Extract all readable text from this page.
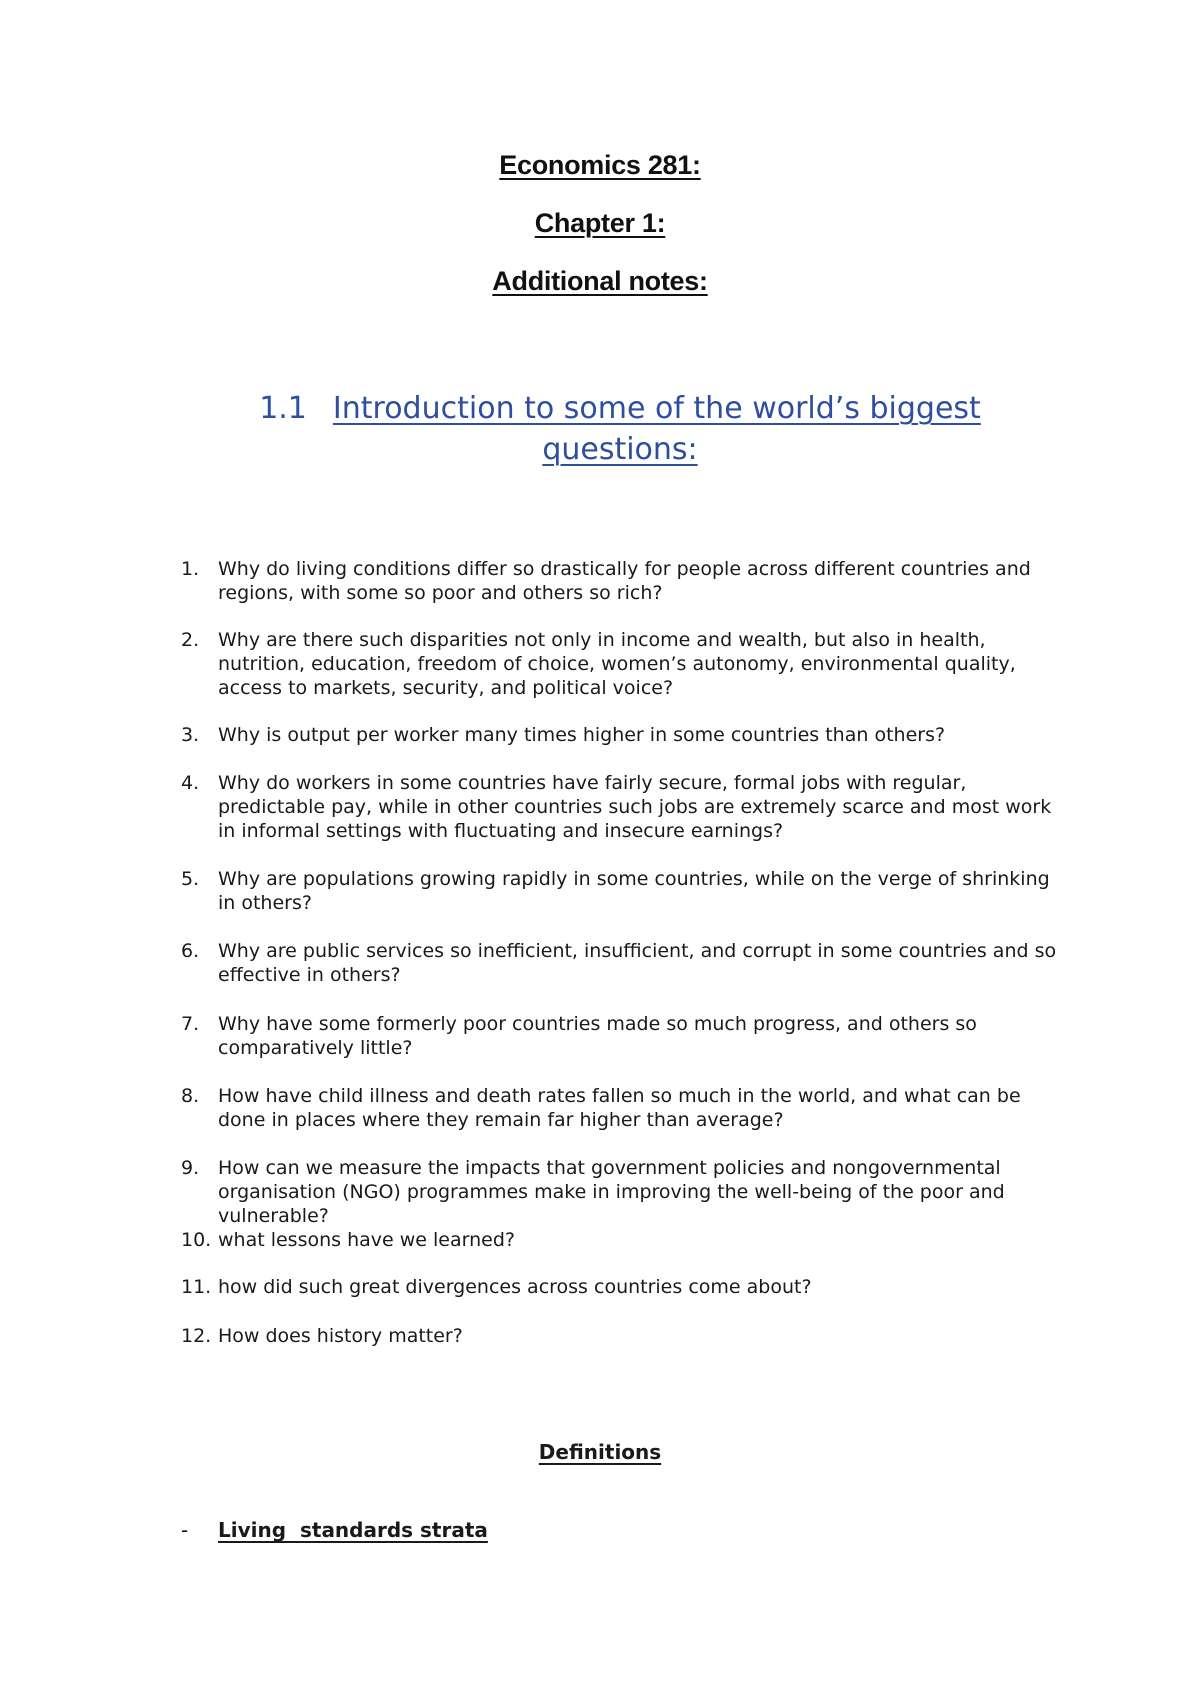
Economics 281:
Chapter 1:
Additional notes:
1.1 Introduction to some of the world’s biggest
questions:
1. Why do living conditions differ so drastically for people across different countries and regions, with some so poor and others so rich?
2. Why are there such disparities not only in income and wealth, but also in health, nutrition, education, freedom of choice, women’s autonomy, environmental quality, access to markets, security, and political voice?
3. Why is output per worker many times higher in some countries than others?
4. Why do workers in some countries have fairly secure, formal jobs with regular, predictable pay, while in other countries such jobs are extremely scarce and most work in informal settings with fluctuating and insecure earnings?
5. Why are populations growing rapidly in some countries, while on the verge of shrinking in others?
6. Why are public services so inefficient, insufficient, and corrupt in some countries and so effective in others?
7. Why have some formerly poor countries made so much progress, and others so comparatively little?
8. How have child illness and death rates fallen so much in the world, and what can be done in places where they remain far higher than average?
9. How can we measure the impacts that government policies and nongovernmental organisation (NGO) programmes make in improving the well-being of the poor and vulnerable?
10. what lessons have we learned?
11. how did such great divergences across countries come about?
12. How does history matter?
Definitions
- Living  standards strata
